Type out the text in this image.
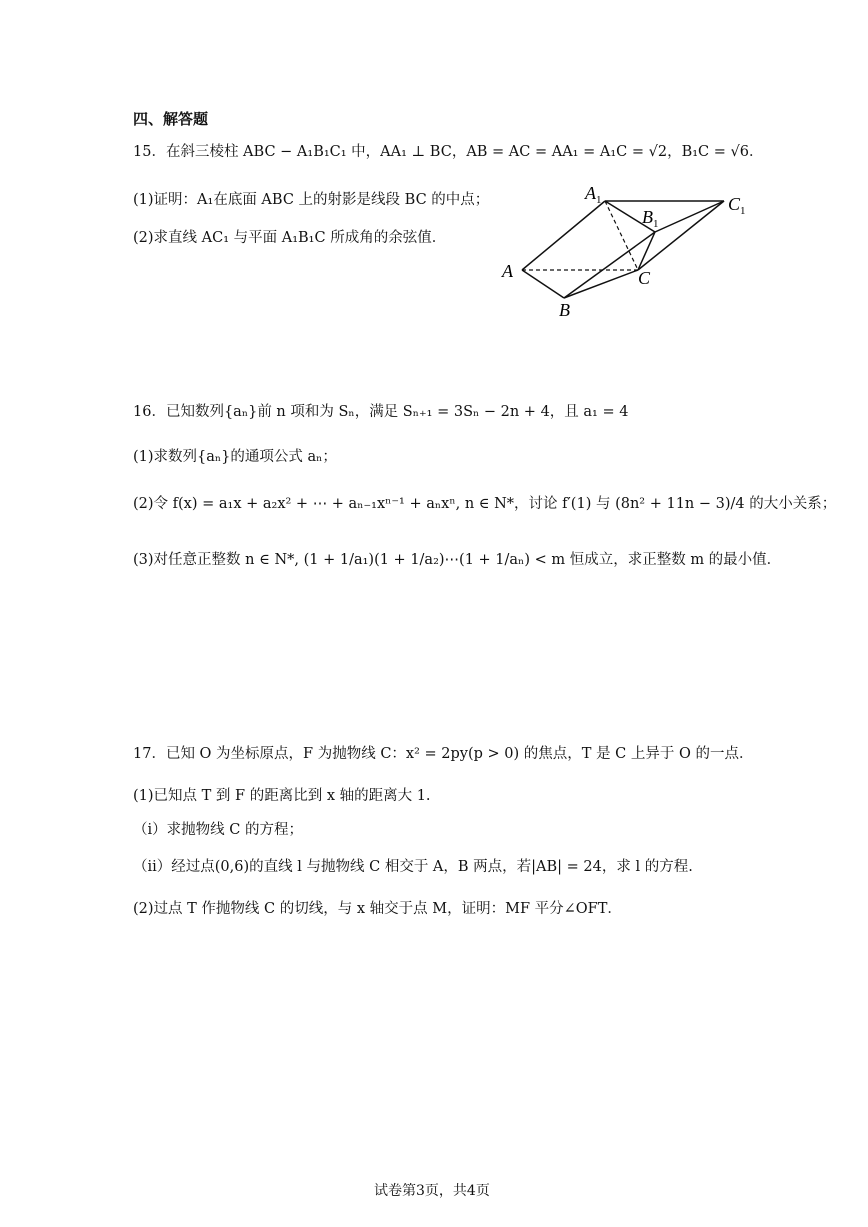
四、解答题
15．在斜三棱柱 ABC − A₁B₁C₁ 中，AA₁ ⊥ BC，AB = AC = AA₁ = A₁C = √2，B₁C = √6．
(1)证明：A₁在底面 ABC 上的射影是线段 BC 的中点；
(2)求直线 AC₁ 与平面 A₁B₁C 所成角的余弦值．
$A_1$
$B_1$
$C_1$
A
B
C
16．已知数列{aₙ}前 n 项和为 Sₙ，满足 Sₙ₊₁ = 3Sₙ − 2n + 4，且 a₁ = 4
(1)求数列{aₙ}的通项公式 aₙ；
(2)令 f(x) = a₁x + a₂x² + ⋯ + aₙ₋₁xⁿ⁻¹ + aₙxⁿ, n ∈ N*，讨论 f′(1) 与 (8n² + 11n − 3)/4 的大小关系；
(3)对任意正整数 n ∈ N*, (1 + 1/a₁)(1 + 1/a₂)⋯(1 + 1/aₙ) < m 恒成立，求正整数 m 的最小值．
17．已知 O 为坐标原点，F 为抛物线 C：x² = 2py(p > 0) 的焦点，T 是 C 上异于 O 的一点．
(1)已知点 T 到 F 的距离比到 x 轴的距离大 1.
（i）求抛物线 C 的方程；
（ii）经过点(0,6)的直线 l 与抛物线 C 相交于 A，B 两点，若|AB| = 24，求 l 的方程.
(2)过点 T 作抛物线 C 的切线，与 x 轴交于点 M，证明：MF 平分∠OFT．
试卷第3页，共4页
